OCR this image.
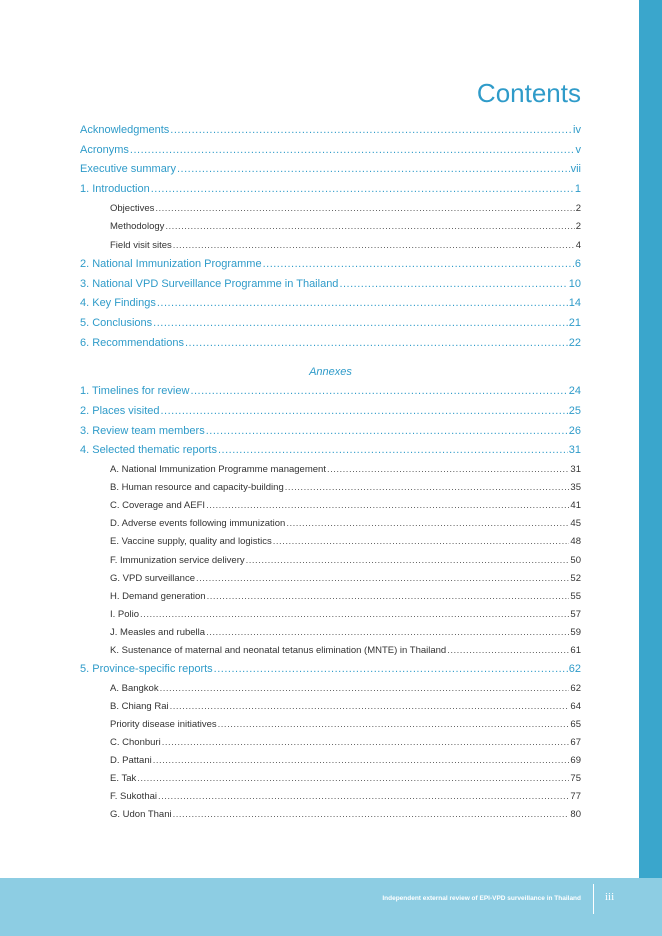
Contents
Acknowledgments .....	iv
Acronyms .....	v
Executive summary .....	vii
1. Introduction .....	1
Objectives .....	2
Methodology .....	2
Field visit sites .....	4
2. National Immunization Programme .....	6
3. National VPD Surveillance Programme in Thailand .....	10
4. Key Findings .....	14
5. Conclusions .....	21
6. Recommendations .....	22
Annexes
1. Timelines for review .....	24
2. Places visited .....	25
3. Review team members .....	26
4. Selected thematic reports .....	31
A. National Immunization Programme management .....	31
B. Human resource and capacity-building .....	35
C. Coverage and AEFI .....	41
D. Adverse events following immunization .....	45
E. Vaccine supply, quality and logistics .....	48
F. Immunization service delivery .....	50
G. VPD surveillance .....	52
H. Demand generation .....	55
I. Polio .....	57
J. Measles and rubella .....	59
K. Sustenance of maternal and neonatal tetanus elimination (MNTE) in Thailand .....	61
5. Province-specific reports .....	62
A. Bangkok .....	62
B. Chiang Rai .....	64
Priority disease initiatives .....	65
C. Chonburi .....	67
D. Pattani .....	69
E. Tak .....	75
F. Sukothai .....	77
G. Udon Thani .....	80
Independent external review of EPI-VPD surveillance in Thailand iii
